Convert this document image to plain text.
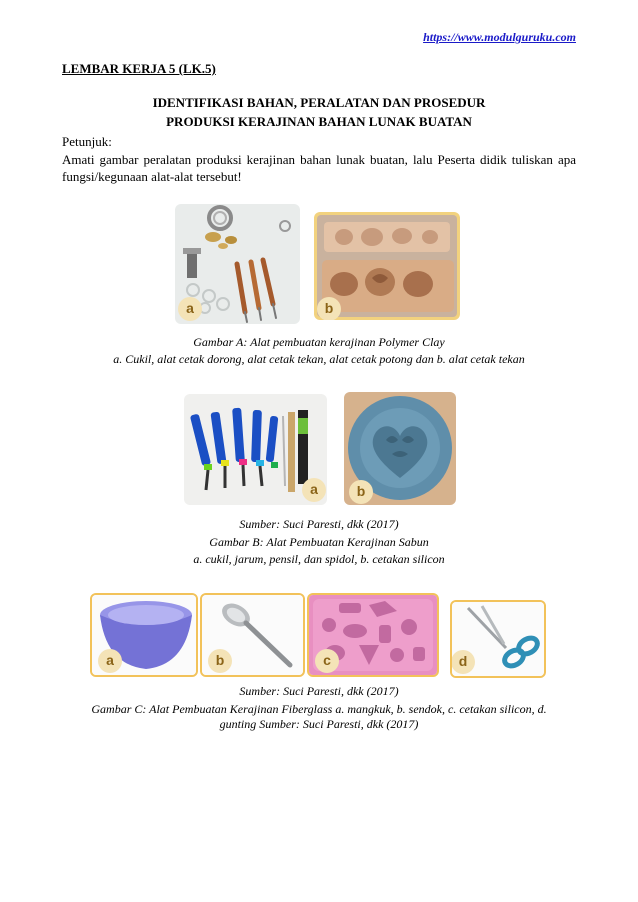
https://www.modulguruku.com
LEMBAR KERJA 5 (LK.5)
IDENTIFIKASI BAHAN, PERALATAN DAN PROSEDUR
PRODUKSI KERAJINAN BAHAN LUNAK BUATAN
Petunjuk:
Amati gambar peralatan produksi kerajinan bahan lunak buatan, lalu Peserta didik tuliskan apa fungsi/kegunaan alat-alat tersebut!
a	b
Gambar A: Alat pembuatan kerajinan Polymer Clay
a. Cukil, alat cetak dorong, alat cetak tekan, alat cetak potong dan b. alat cetak tekan
a	b
Sumber: Suci Paresti, dkk (2017)
Gambar B: Alat Pembuatan Kerajinan Sabun
a. cukil, jarum, pensil, dan spidol, b. cetakan silicon
a	b	c	d
Sumber: Suci Paresti, dkk (2017)
Gambar C: Alat Pembuatan Kerajinan Fiberglass a. mangkuk, b. sendok, c. cetakan silicon, d.
gunting Sumber: Suci Paresti, dkk (2017)
